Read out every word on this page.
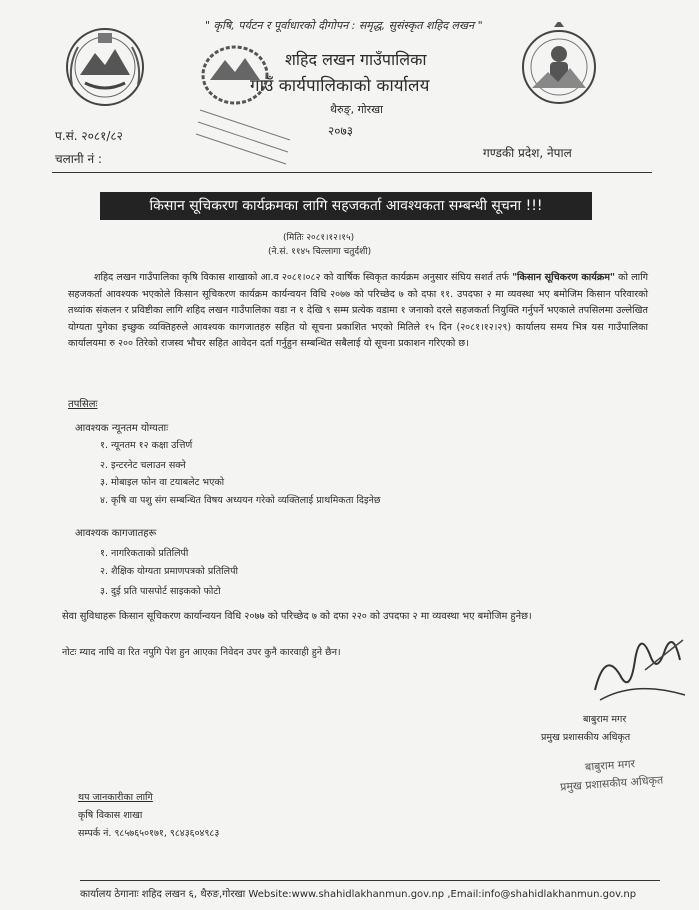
" कृषि, पर्यटन र पूर्वाधारको दीगोपन : समृद्ध, सुसंस्कृत शहिद लखन "
शहिद लखन गाउँपालिका
गाउँ कार्यपालिकाको कार्यालय
थैरुङ्, गोरखा
२०७३
प.सं. २०८१/८२
चलानी नं :	गण्डकी प्रदेश, नेपाल
किसान सूचिकरण कार्यक्रमका लागि सहजकर्ता आवश्यकता सम्बन्धी सूचना !!!
(मितिः २०८१।१२।१५)
(ने.सं. ११४५ चिल्लागा चतुर्दशी)

शहिद लखन गाउँपालिका कृषि विकास शाखाको आ.व २०८१।०८२ को वार्षिक स्विकृत कार्यक्रम अनुसार संघिय सशर्त तर्फ "किसान सूचिकरण कार्यक्रम" को लागि सहजकर्ता आवश्यक भएकोले किसान सूचिकरण कार्यक्रम कार्यन्वयन विधि २०७७ को परिच्छेद ७ को दफा ११. उपदफा २ मा व्यवस्था भए बमोजिम किसान परिवारको तथ्यांक संकलन र प्रविष्टीका लागि शहिद लखन गाउँपालिका वडा न १ देखि ९ सम्म प्रत्येक वडामा १ जनाको दरले सहजकर्ता नियुक्ति गर्नुपर्ने भएकाले तपसिलमा उल्लेखित योग्यता पुगेका इच्छुक व्यक्तिहरुले आवश्यक कागजातहरु सहित यो सूचना प्रकाशित भएको मितिले १५ दिन (२०८१।१२।२९) कार्यालय समय भित्र यस गाउँपालिका कार्यालयमा रु २०० तिरेको राजस्व भौचर सहित आवेदन दर्ता गर्नुहुन सम्बन्धित सबैलाई यो सूचना प्रकाशन गरिएको छ।

तपसिलः
आवश्यक न्यूनतम योग्यताः
१. न्यूनतम १२ कक्षा उत्तिर्ण
२. इन्टरनेट चलाउन सक्ने
३. मोबाइल फोन वा टयाबलेट भएको
४. कृषि वा पशु संग सम्बन्धित विषय अध्ययन गरेको व्यक्तिलाई प्राथमिकता दिइनेछ
आवश्यक कागजातहरू
१. नागरिकताको प्रतिलिपी
२. शैक्षिक योग्यता प्रमाणपत्रको प्रतिलिपी
३. दुई प्रति पासपोर्ट साइकको फोटो
सेवा सुविधाहरू किसान सूचिकरण कार्यान्वयन विधि २०७७ को परिच्छेद ७ को दफा २२० को उपदफा २ मा व्यवस्था भए बमोजिम हुनेछ।
नोटः म्याद नाघि वा रित नपुगि पेश हुन आएका निवेदन उपर कुनै कारवाही हुने छैन।
बाबुराम मगर
प्रमुख प्रशासकीय अधिकृत
बाबुराम मगर
प्रमुख प्रशासकीय अधिकृत
थप जानकारीका लागि
कृषि विकास शाखा
सम्पर्क नं. ९८५७६५०१७१, ९८४३६०४९८३
कार्यालय ठेगानाः शहिद लखन ६, थैरुङ,गोरखा Website:www.shahidlakhanmun.gov.np ,Email:info@shahidlakhanmun.gov.np
